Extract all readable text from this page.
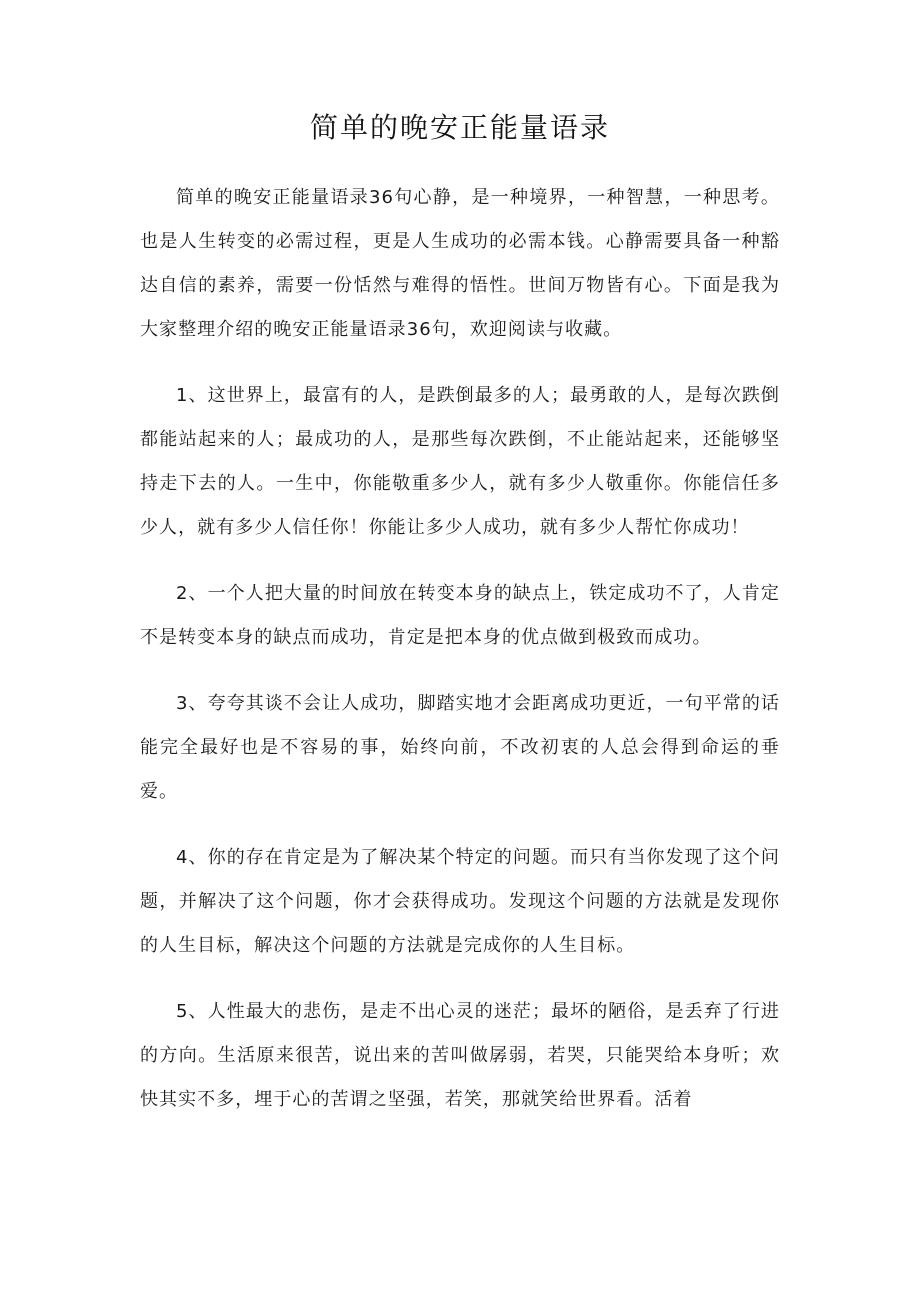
简单的晚安正能量语录

简单的晚安正能量语录36句心静，是一种境界，一种智慧，一种思考。也是人生转变的必需过程，更是人生成功的必需本钱。心静需要具备一种豁达自信的素养，需要一份恬然与难得的悟性。世间万物皆有心。下面是我为大家整理介绍的晚安正能量语录36句，欢迎阅读与收藏。

1、这世界上，最富有的人，是跌倒最多的人；最勇敢的人，是每次跌倒都能站起来的人；最成功的人，是那些每次跌倒，不止能站起来，还能够坚持走下去的人。一生中，你能敬重多少人，就有多少人敬重你。你能信任多少人，就有多少人信任你！你能让多少人成功，就有多少人帮忙你成功！

2、一个人把大量的时间放在转变本身的缺点上，铁定成功不了，人肯定不是转变本身的缺点而成功，肯定是把本身的优点做到极致而成功。

3、夸夸其谈不会让人成功，脚踏实地才会距离成功更近，一句平常的话能完全最好也是不容易的事，始终向前，不改初衷的人总会得到命运的垂爱。

4、你的存在肯定是为了解决某个特定的问题。而只有当你发现了这个问题，并解决了这个问题，你才会获得成功。发现这个问题的方法就是发现你的人生目标，解决这个问题的方法就是完成你的人生目标。

5、人性最大的悲伤，是走不出心灵的迷茫；最坏的陋俗，是丢弃了行进的方向。生活原来很苦，说出来的苦叫做孱弱，若哭，只能哭给本身听；欢快其实不多，埋于心的苦谓之坚强，若笑，那就笑给世界看。活着
